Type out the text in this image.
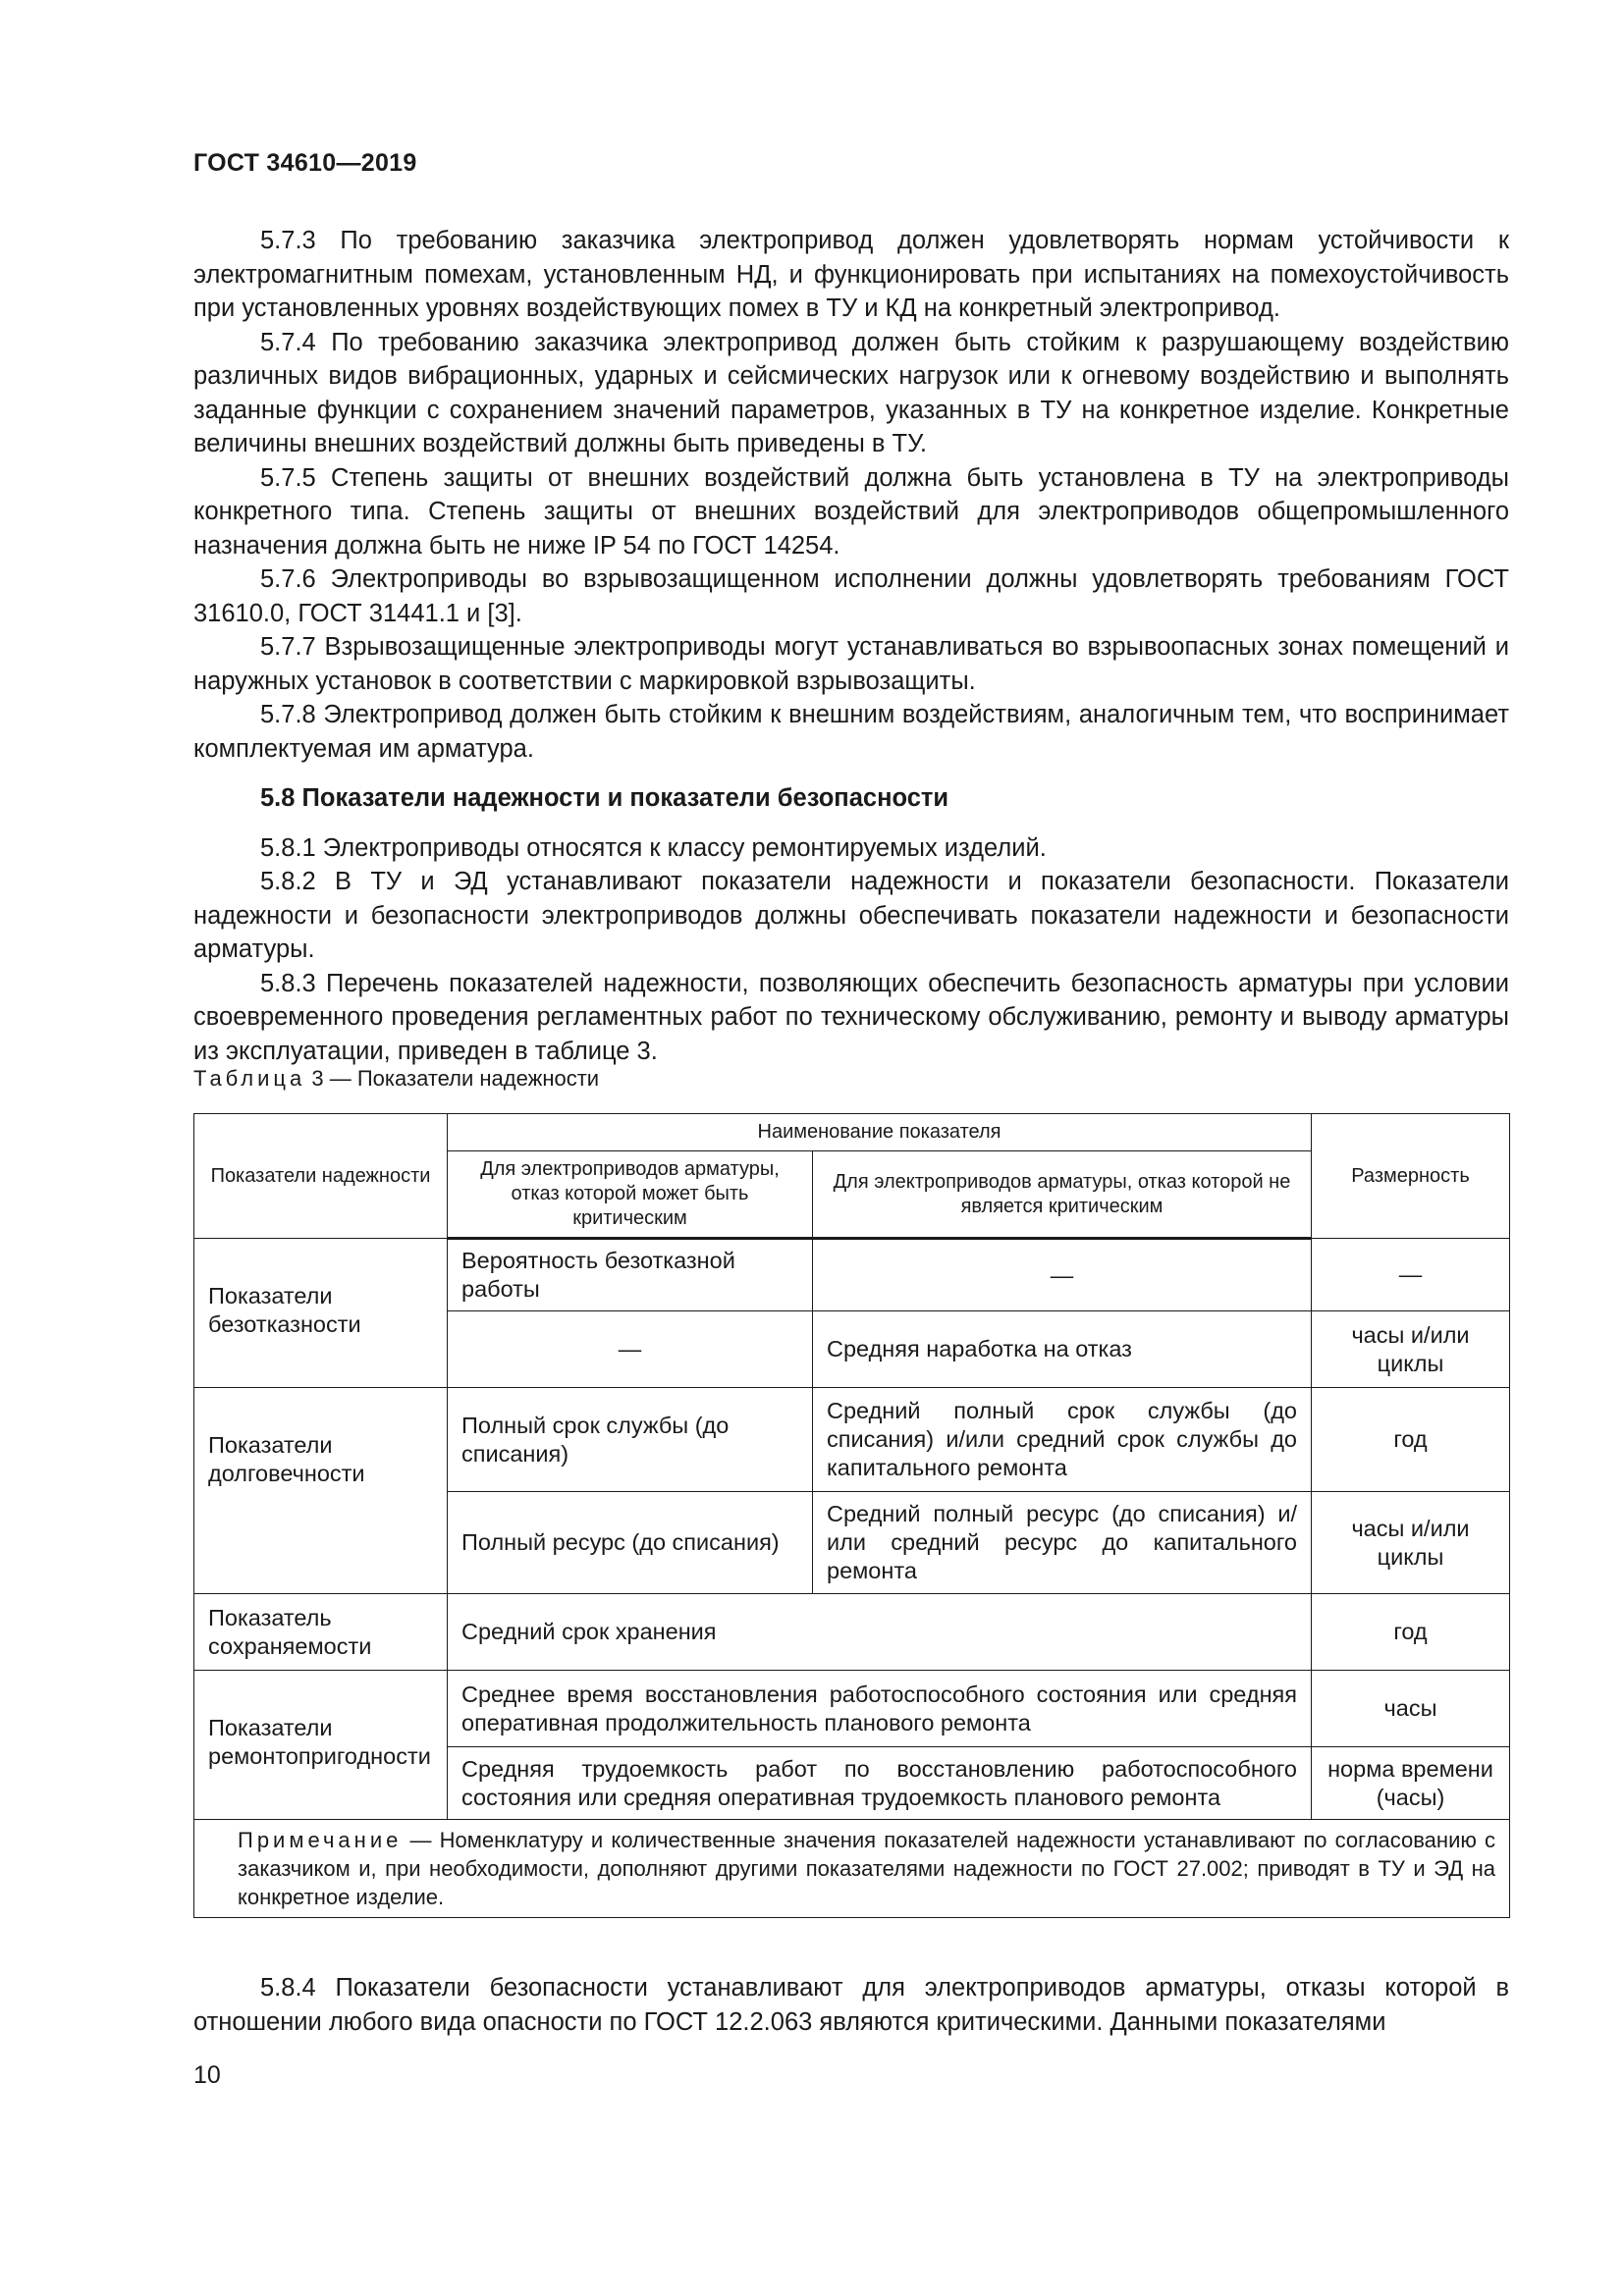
ГОСТ 34610—2019

5.7.3 По требованию заказчика электропривод должен удовлетворять нормам устойчивости к электромагнитным помехам, установленным НД, и функционировать при испытаниях на помехоустойчивость при установленных уровнях воздействующих помех в ТУ и КД на конкретный электропривод.

5.7.4 По требованию заказчика электропривод должен быть стойким к разрушающему воздействию различных видов вибрационных, ударных и сейсмических нагрузок или к огневому воздействию и выполнять заданные функции с сохранением значений параметров, указанных в ТУ на конкретное изделие. Конкретные величины внешних воздействий должны быть приведены в ТУ.

5.7.5 Степень защиты от внешних воздействий должна быть установлена в ТУ на электроприводы конкретного типа. Степень защиты от внешних воздействий для электроприводов общепромышленного назначения должна быть не ниже IP 54 по ГОСТ 14254.

5.7.6 Электроприводы во взрывозащищенном исполнении должны удовлетворять требованиям ГОСТ 31610.0, ГОСТ 31441.1 и [3].

5.7.7 Взрывозащищенные электроприводы могут устанавливаться во взрывоопасных зонах помещений и наружных установок в соответствии с маркировкой взрывозащиты.

5.7.8 Электропривод должен быть стойким к внешним воздействиям, аналогичным тем, что воспринимает комплектуемая им арматура.

5.8 Показатели надежности и показатели безопасности

5.8.1 Электроприводы относятся к классу ремонтируемых изделий.

5.8.2 В ТУ и ЭД устанавливают показатели надежности и показатели безопасности. Показатели надежности и безопасности электроприводов должны обеспечивать показатели надежности и безопасности арматуры.

5.8.3 Перечень показателей надежности, позволяющих обеспечить безопасность арматуры при условии своевременного проведения регламентных работ по техническому обслуживанию, ремонту и выводу арматуры из эксплуатации, приведен в таблице 3.

Таблица 3 — Показатели надежности
Показатели надежности	Наименование показателя		Размерность
	Для электроприводов арматуры, отказ которой может быть критическим	Для электроприводов арматуры, отказ которой не является критическим	
Показатели безотказности	Вероятность безотказной работы	—	—
	—	Средняя наработка на отказ	часы и/или циклы
Показатели долговечности	Полный срок службы (до списания)	Средний полный срок службы (до списания) и/или средний срок службы до капитального ремонта	год
	Полный ресурс (до списания)	Средний полный ресурс (до списания) и/или средний ресурс до капитального ремонта	часы и/или циклы
Показатель сохраняемости	Средний срок хранения		год
Показатели ремонтопригодности	Среднее время восстановления работоспособного состояния или средняя оперативная продолжительность планового ремонта		часы
	Средняя трудоемкость работ по восстановлению работоспособного состояния или средняя оперативная трудоемкость планового ремонта		норма времени (часы)
Примечание — Номенклатуру и количественные значения показателей надежности устанавливают по согласованию с заказчиком и, при необходимости, дополняют другими показателями надежности по ГОСТ 27.002; приводят в ТУ и ЭД на конкретное изделие.			

5.8.4 Показатели безопасности устанавливают для электроприводов арматуры, отказы которой в отношении любого вида опасности по ГОСТ 12.2.063 являются критическими. Данными показателями

10
